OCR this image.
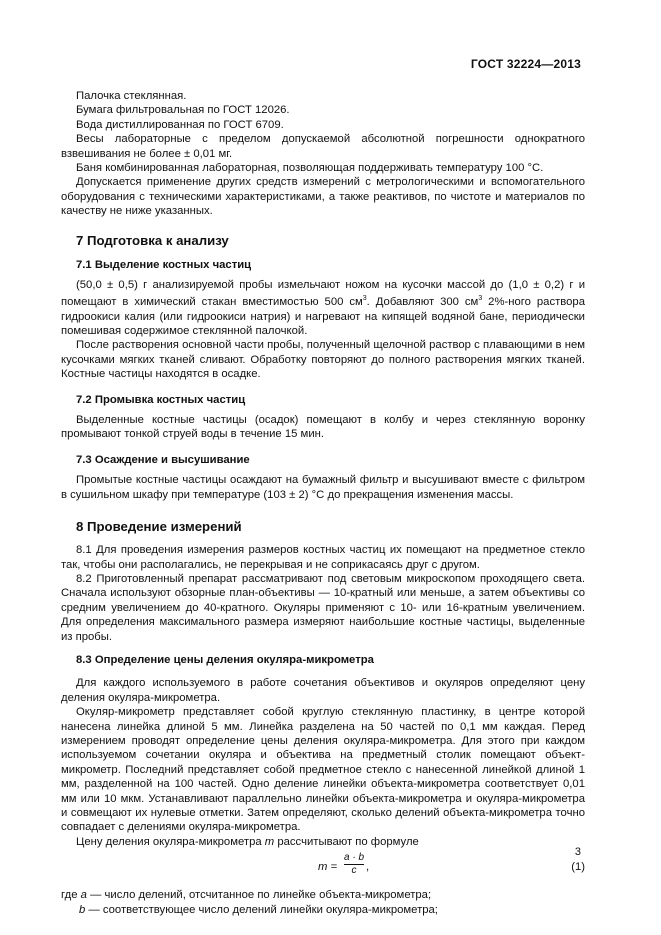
ГОСТ 32224—2013

Палочка стеклянная.

Бумага фильтровальная по ГОСТ 12026.

Вода дистиллированная по ГОСТ 6709.

Весы лабораторные с пределом допускаемой абсолютной погрешности однократного взвешивания не более ± 0,01 мг.

Баня комбинированная лабораторная, позволяющая поддерживать температуру 100 °С.

Допускается применение других средств измерений с метрологическими и вспомогательного оборудования с техническими характеристиками, а также реактивов, по чистоте и материалов по качеству не ниже указанных.

7 Подготовка к анализу
7.1 Выделение костных частиц

(50,0 ± 0,5) г анализируемой пробы измельчают ножом на кусочки массой до (1,0 ± 0,2) г и помещают в химический стакан вместимостью 500 $см^3$. Добавляют 300 $см^3$ 2%-ного раствора гидроокиси калия (или гидроокиси натрия) и нагревают на кипящей водяной бане, периодически помешивая содержимое стеклянной палочкой.

После растворения основной части пробы, полученный щелочной раствор с плавающими в нем кусочками мягких тканей сливают. Обработку повторяют до полного растворения мягких тканей. Костные частицы находятся в осадке.

7.2 Промывка костных частиц

Выделенные костные частицы (осадок) помещают в колбу и через стеклянную воронку промывают тонкой струей воды в течение 15 мин.

7.3 Осаждение и высушивание

Промытые костные частицы осаждают на бумажный фильтр и высушивают вместе с фильтром в сушильном шкафу при температуре (103 ± 2) °С до прекращения изменения массы.

8 Проведение измерений

8.1 Для проведения измерения размеров костных частиц их помещают на предметное стекло так, чтобы они располагались, не перекрывая и не соприкасаясь друг с другом.

8.2 Приготовленный препарат рассматривают под световым микроскопом проходящего света. Сначала используют обзорные план-объективы — 10-кратный или меньше, а затем объективы со средним увеличением до 40-кратного. Окуляры применяют с 10- или 16-кратным увеличением. Для определения максимального размера измеряют наибольшие костные частицы, выделенные из пробы.

8.3 Определение цены деления окуляра-микрометра

Для каждого используемого в работе сочетания объективов и окуляров определяют цену деления окуляра-микрометра.

Окуляр-микрометр представляет собой круглую стеклянную пластинку, в центре которой нанесена линейка длиной 5 мм. Линейка разделена на 50 частей по 0,1 мм каждая. Перед измерением проводят определение цены деления окуляра-микрометра. Для этого при каждом используемом сочетании окуляра и объектива на предметный столик помещают объект-микрометр. Последний представляет собой предметное стекло с нанесенной линейкой длиной 1 мм, разделенной на 100 частей. Одно деление линейки объекта-микрометра соответствует 0,01 мм или 10 мкм. Устанавливают параллельно линейки объекта-микрометра и окуляра-микрометра и совмещают их нулевые отметки. Затем определяют, сколько делений объекта-микрометра точно совпадает с делениями окуляра-микрометра.

Цену деления окуляра-микрометра m рассчитывают по формуле

$m = \frac{a \cdot b}{c}$ ,	(1)

где a — число делений, отсчитанное по линейке объекта-микрометра;

b — соответствующее число делений линейки окуляра-микрометра;

3
